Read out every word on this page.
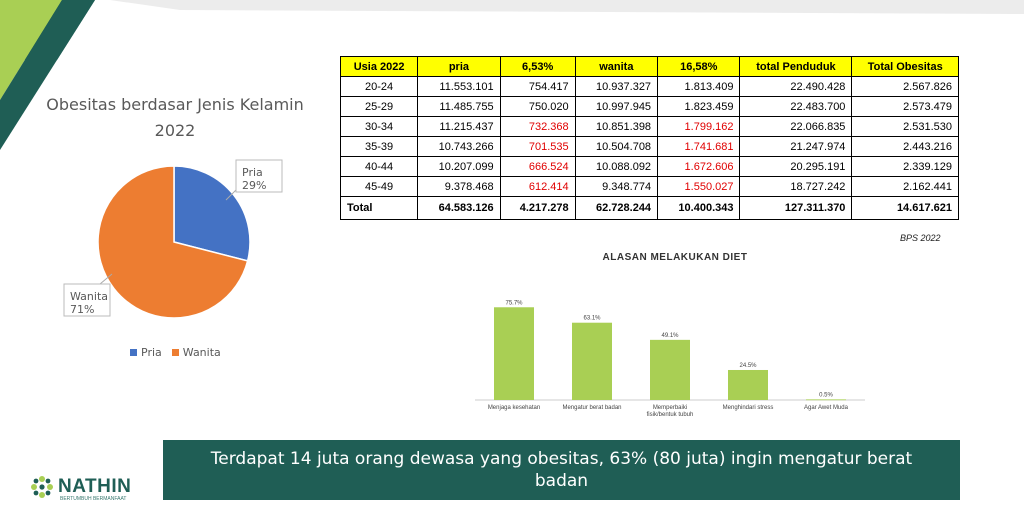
Obesitas berdasar Jenis Kelamin 2022
Pria
29%
Wanita
71%
Pria Wanita
Usia 2022	pria	6,53%	wanita	16,58%	total Penduduk	Total Obesitas
20-24	11.553.101	754.417	10.937.327	1.813.409	22.490.428	2.567.826
25-29	11.485.755	750.020	10.997.945	1.823.459	22.483.700	2.573.479
30-34	11.215.437	732.368	10.851.398	1.799.162	22.066.835	2.531.530
35-39	10.743.266	701.535	10.504.708	1.741.681	21.247.974	2.443.216
40-44	10.207.099	666.524	10.088.092	1.672.606	20.295.191	2.339.129
45-49	9.378.468	612.414	9.348.774	1.550.027	18.727.242	2.162.441
Total	64.583.126	4.217.278	62.728.244	10.400.343	127.311.370	14.617.621
BPS 2022
ALASAN MELAKUKAN DIET
75.7%
Menjaga kesehatan
63.1%
Mengatur berat badan
49.1%
Memperbaiki
fisik/bentuk tubuh
24.5%
Menghindari stress
0.5%
Agar Awet Muda
Terdapat 14 juta orang dewasa yang obesitas, 63% (80 juta) ingin mengatur berat badan
NATHIN
BERTUMBUH BERMANFAAT
